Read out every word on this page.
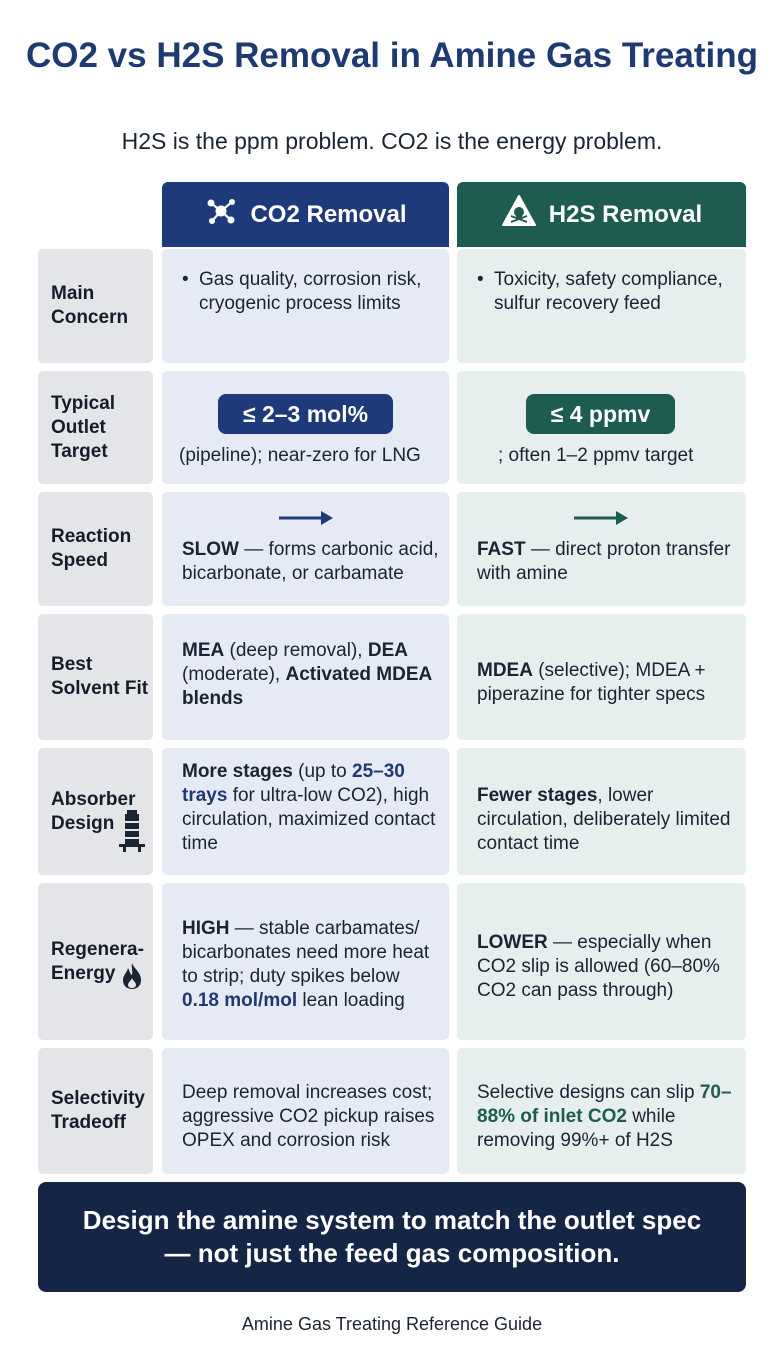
CO2 vs H2S Removal in Amine Gas Treating
H2S is the ppm problem. CO2 is the energy problem.
CO2 Removal	H2S Removal
Main Concern
• Gas quality, corrosion risk, cryogenic process limits
• Toxicity, safety compliance, sulfur recovery feed
Typical Outlet Target
≤ 2–3 mol%
(pipeline); near-zero for LNG
≤ 4 ppmv
; often 1–2 ppmv target
Reaction Speed
SLOW — forms carbonic acid, bicarbonate, or carbamate
FAST — direct proton transfer with amine
Best Solvent Fit
MEA (deep removal), DEA (moderate), Activated MDEA blends
MDEA (selective); MDEA + piperazine for tighter specs
Absorber Design
More stages (up to 25–30 trays for ultra-low CO2), high circulation, maximized contact time
Fewer stages, lower circulation, deliberately limited contact time
Regenera- Energy
HIGH — stable carbamates/ bicarbonates need more heat to strip; duty spikes below 0.18 mol/mol lean loading
LOWER — especially when CO2 slip is allowed (60–80% CO2 can pass through)
Selectivity Tradeoff
Deep removal increases cost; aggressive CO2 pickup raises OPEX and corrosion risk
Selective designs can slip 70–88% of inlet CO2 while removing 99%+ of H2S
Design the amine system to match the outlet spec — not just the feed gas composition.
Amine Gas Treating Reference Guide
